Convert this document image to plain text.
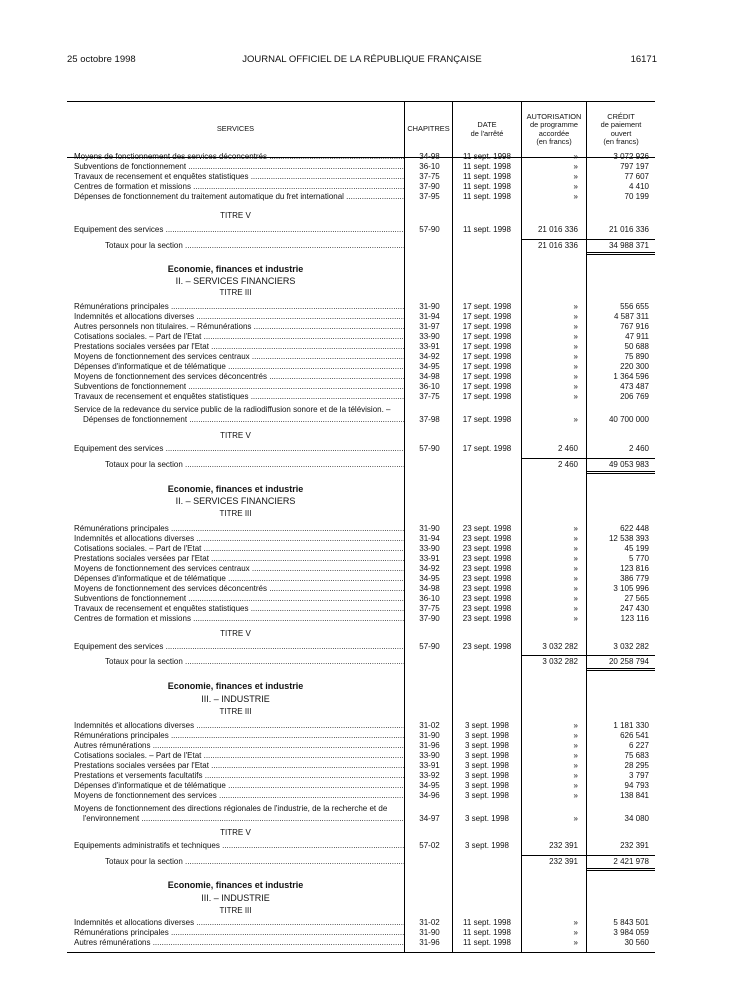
25 octobre 1998	JOURNAL OFFICIEL DE LA RÉPUBLIQUE FRANÇAISE	16171
SERVICES	CHAPITRES	DATE
de l'arrêté
AUTORISATION
de programme
accordée
(en francs)
CRÉDIT
de paiement
ouvert
(en francs)
Moyens de fonctionnement des services déconcentrés .....	34-98	11 sept. 1998	»	3 072 926
Subventions de fonctionnement .....	36-10	11 sept. 1998	»	797 197
Travaux de recensement et enquêtes statistiques .....	37-75	11 sept. 1998	»	77 607
Centres de formation et missions .....	37-90	11 sept. 1998	»	4 410
Dépenses de fonctionnement du traitement automatique du fret international .....	37-95	11 sept. 1998	»	70 199
TITRE V
Equipement des services .....	57-90	11 sept. 1998	21 016 336	21 016 336
Totaux pour la section .....	21 016 336	34 988 371
Economie, finances et industrie
II. – SERVICES FINANCIERS
TITRE III
Rémunérations principales .....	31-90	17 sept. 1998	»	556 655
Indemnités et allocations diverses .....	31-94	17 sept. 1998	»	4 587 311
Autres personnels non titulaires. – Rémunérations .....	31-97	17 sept. 1998	»	767 916
Cotisations sociales. – Part de l'Etat .....	33-90	17 sept. 1998	»	47 911
Prestations sociales versées par l'Etat .....	33-91	17 sept. 1998	»	50 688
Moyens de fonctionnement des services centraux .....	34-92	17 sept. 1998	»	75 890
Dépenses d'informatique et de télématique .....	34-95	17 sept. 1998	»	220 300
Moyens de fonctionnement des services déconcentrés .....	34-98	17 sept. 1998	»	1 364 596
Subventions de fonctionnement .....	36-10	17 sept. 1998	»	473 487
Travaux de recensement et enquêtes statistiques .....	37-75	17 sept. 1998	»	206 769
Service de la redevance du service public de la radiodiffusion sonore et de la télévision. –
Dépenses de fonctionnement .....	37-98	17 sept. 1998	»	40 700 000
TITRE V
Equipement des services .....	57-90	17 sept. 1998	2 460	2 460
Totaux pour la section .....	2 460	49 053 983
Economie, finances et industrie
II. – SERVICES FINANCIERS
TITRE III
Rémunérations principales .....	31-90	23 sept. 1998	»	622 448
Indemnités et allocations diverses .....	31-94	23 sept. 1998	»	12 538 393
Cotisations sociales. – Part de l'Etat .....	33-90	23 sept. 1998	»	45 199
Prestations sociales versées par l'Etat .....	33-91	23 sept. 1998	»	5 770
Moyens de fonctionnement des services centraux .....	34-92	23 sept. 1998	»	123 816
Dépenses d'informatique et de télématique .....	34-95	23 sept. 1998	»	386 779
Moyens de fonctionnement des services déconcentrés .....	34-98	23 sept. 1998	»	3 105 996
Subventions de fonctionnement .....	36-10	23 sept. 1998	»	27 565
Travaux de recensement et enquêtes statistiques .....	37-75	23 sept. 1998	»	247 430
Centres de formation et missions .....	37-90	23 sept. 1998	»	123 116
TITRE V
Equipement des services .....	57-90	23 sept. 1998	3 032 282	3 032 282
Totaux pour la section .....	3 032 282	20 258 794
Economie, finances et industrie
III. – INDUSTRIE
TITRE III
Indemnités et allocations diverses .....	31-02	3 sept. 1998	»	1 181 330
Rémunérations principales .....	31-90	3 sept. 1998	»	626 541
Autres rémunérations .....	31-96	3 sept. 1998	»	6 227
Cotisations sociales. – Part de l'Etat .....	33-90	3 sept. 1998	»	75 683
Prestations sociales versées par l'Etat .....	33-91	3 sept. 1998	»	28 295
Prestations et versements facultatifs .....	33-92	3 sept. 1998	»	3 797
Dépenses d'informatique et de télématique .....	34-95	3 sept. 1998	»	94 793
Moyens de fonctionnement des services .....	34-96	3 sept. 1998	»	138 841
Moyens de fonctionnement des directions régionales de l'industrie, de la recherche et de
l'environnement .....	34-97	3 sept. 1998	»	34 080
TITRE V
Equipements administratifs et techniques .....	57-02	3 sept. 1998	232 391	232 391
Totaux pour la section .....	232 391	2 421 978
Economie, finances et industrie
III. – INDUSTRIE
TITRE III
Indemnités et allocations diverses .....	31-02	11 sept. 1998	»	5 843 501
Rémunérations principales .....	31-90	11 sept. 1998	»	3 984 059
Autres rémunérations .....	31-96	11 sept. 1998	»	30 560
